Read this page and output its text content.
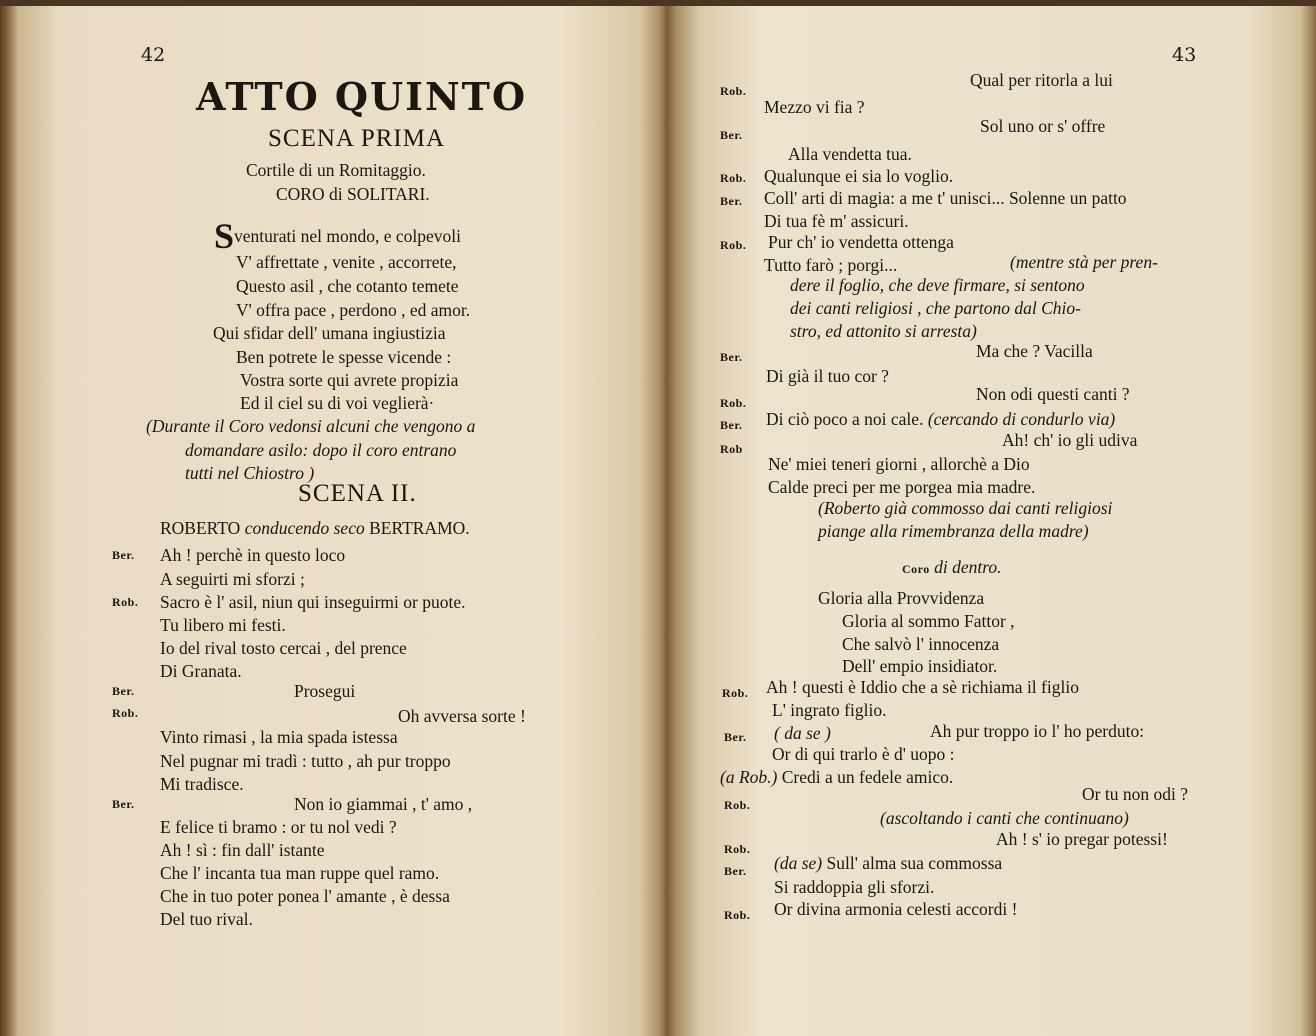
42
ATTO QUINTO
SCENA PRIMA
Cortile di un Romitaggio.
CORO di SOLITARI.
Sventurati nel mondo, e colpevoli
V' affrettate , venite , accorrete,
Questo asil , che cotanto temete
V' offra pace , perdono , ed amor.
Qui sfidar dell' umana ingiustizia
Ben potrete le spesse vicende :
Vostra sorte qui avrete propizia
Ed il ciel su di voi veglierà·
(Durante il Coro vedonsi alcuni che vengono a
domandare asilo: dopo il coro entrano
tutti nel Chiostro )
SCENA II.
ROBERTO conducendo seco BERTRAMO.
Ber. Ah ! perchè in questo loco
A seguirti mi sforzi ;
Rob. Sacro è l' asil, niun qui inseguirmi or puote.
Tu libero mi festi.
Io del rival tosto cercai , del prence
Di Granata.
Ber.	Prosegui
Rob.	Oh avversa sorte !
Vinto rimasi , la mia spada istessa
Nel pugnar mi tradì : tutto , ah pur troppo
Mi tradisce.
Ber.	Non io giammai , t' amo ,
E felice ti bramo : or tu nol vedi ?
Ah ! sì : fin dall' istante
Che l' incanta tua man ruppe quel ramo.
Che in tuo poter ponea l' amante , è dessa
Del tuo rival.
43
Rob.
Qual per ritorla a lui
Mezzo vi fia ?
Ber.	Sol uno or s' offre
Alla vendetta tua.
Rob. Qualunque ei sia lo voglio.
Ber. Coll' arti di magia: a me t' unisci... Solenne un patto
Di tua fè m' assicuri.
Rob. Pur ch' io vendetta ottenga
Tutto farò ; porgi...	(mentre stà per pren-
dere il foglio, che deve firmare, si sentono
dei canti religiosi , che partono dal Chio-
stro, ed attonito si arresta)
Ber.	Ma che ? Vacilla
Di già il tuo cor ?
Rob.	Non odi questi canti ?
Ber. Di ciò poco a noi cale. (cercando di condurlo via)
Rob	Ah! ch' io gli udiva
Ne' miei teneri giorni , allorchè a Dio
Calde preci per me porgea mia madre.
(Roberto già commosso dai canti religiosi
piange alla rimembranza della madre)
Coro di dentro.
Gloria alla Provvidenza
Gloria al sommo Fattor ,
Che salvò l' innocenza
Dell' empio insidiator.
Rob. Ah ! questi è Iddio che a sè richiama il figlio
L' ingrato figlio.
Ber. ( da se )	Ah pur troppo io l' ho perduto:
Or di qui trarlo è d' uopo :
(a Rob.) Credi a un fedele amico.
Rob.
Or tu non odi ?
(ascoltando i canti che continuano)
Rob.	Ah ! s' io pregar potessi!
Ber. (da se) Sull' alma sua commossa
Si raddoppia gli sforzi.
Rob. Or divina armonia celesti accordi !
